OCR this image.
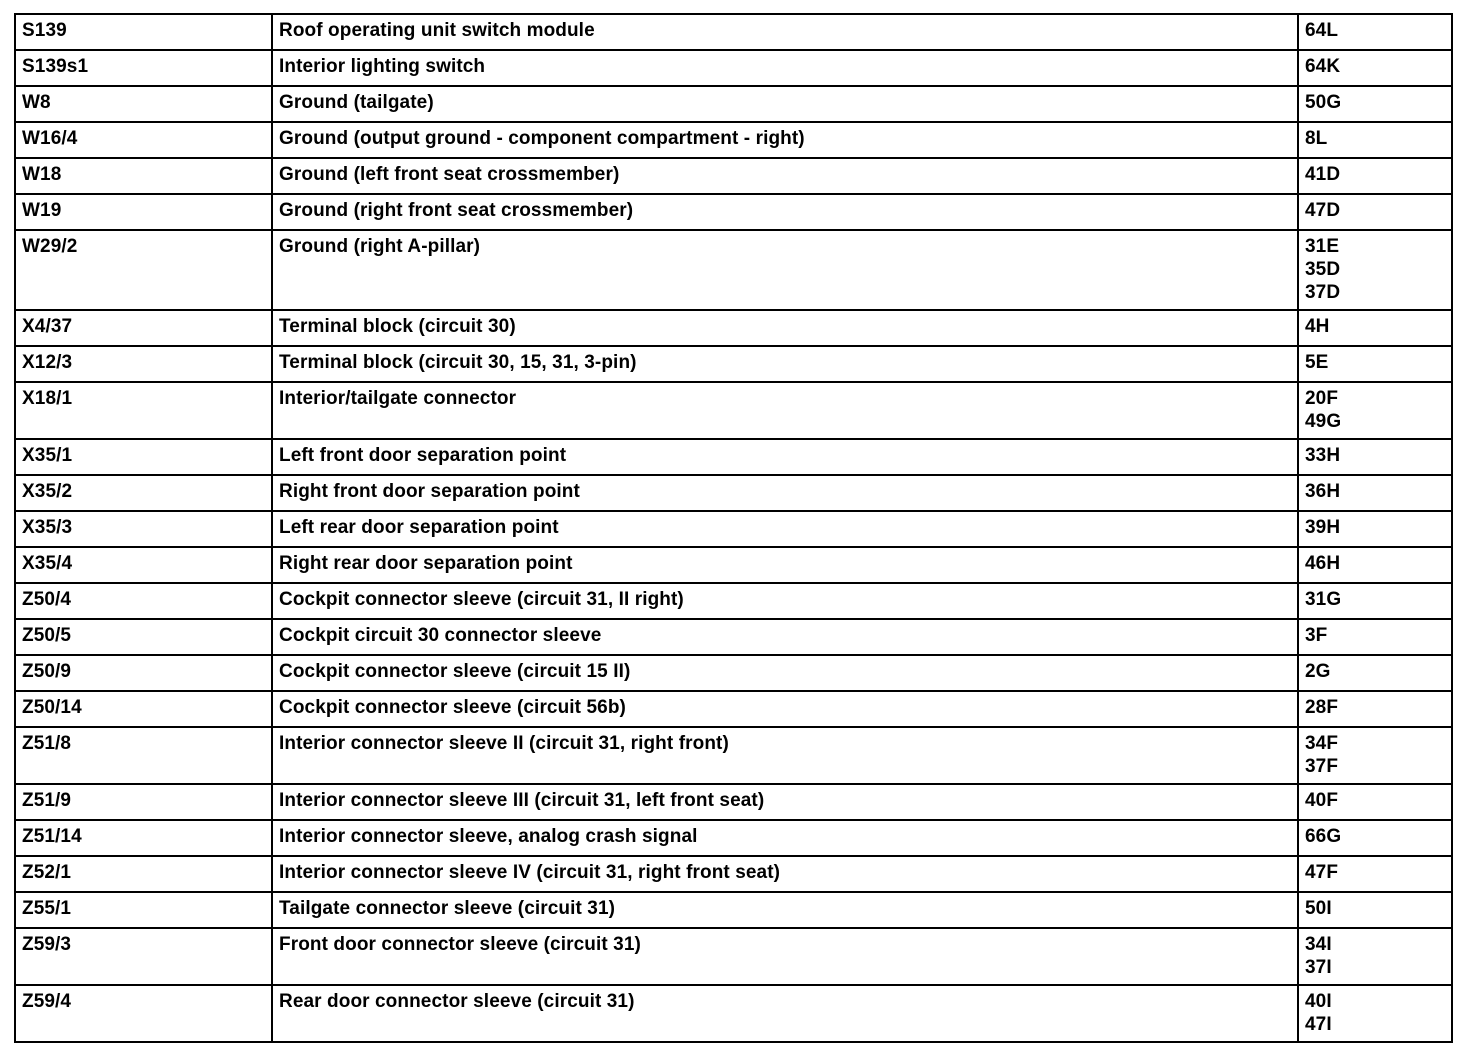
S139	Roof operating unit switch module	64L

S139s1	Interior lighting switch	64K

W8	Ground (tailgate)	50G

W16/4	Ground (output ground - component compartment - right)	8L

W18	Ground (left front seat crossmember)	41D

W19	Ground (right front seat crossmember)	47D

W29/2	Ground (right A-pillar)	31E
35D
37D

X4/37	Terminal block (circuit 30)	4H

X12/3	Terminal block (circuit 30, 15, 31, 3-pin)	5E

X18/1	Interior/tailgate connector	20F
49G

X35/1	Left front door separation point	33H

X35/2	Right front door separation point	36H

X35/3	Left rear door separation point	39H

X35/4	Right rear door separation point	46H

Z50/4	Cockpit connector sleeve (circuit 31, II right)	31G

Z50/5	Cockpit circuit 30 connector sleeve	3F

Z50/9	Cockpit connector sleeve (circuit 15 II)	2G

Z50/14	Cockpit connector sleeve (circuit 56b)	28F

Z51/8	Interior connector sleeve II (circuit 31, right front)	34F
37F

Z51/9	Interior connector sleeve III (circuit 31, left front seat)	40F

Z51/14	Interior connector sleeve, analog crash signal	66G

Z52/1	Interior connector sleeve IV (circuit 31, right front seat)	47F

Z55/1	Tailgate connector sleeve (circuit 31)	50I

Z59/3	Front door connector sleeve (circuit 31)	34I
37I

Z59/4	Rear door connector sleeve (circuit 31)	40I
47I
